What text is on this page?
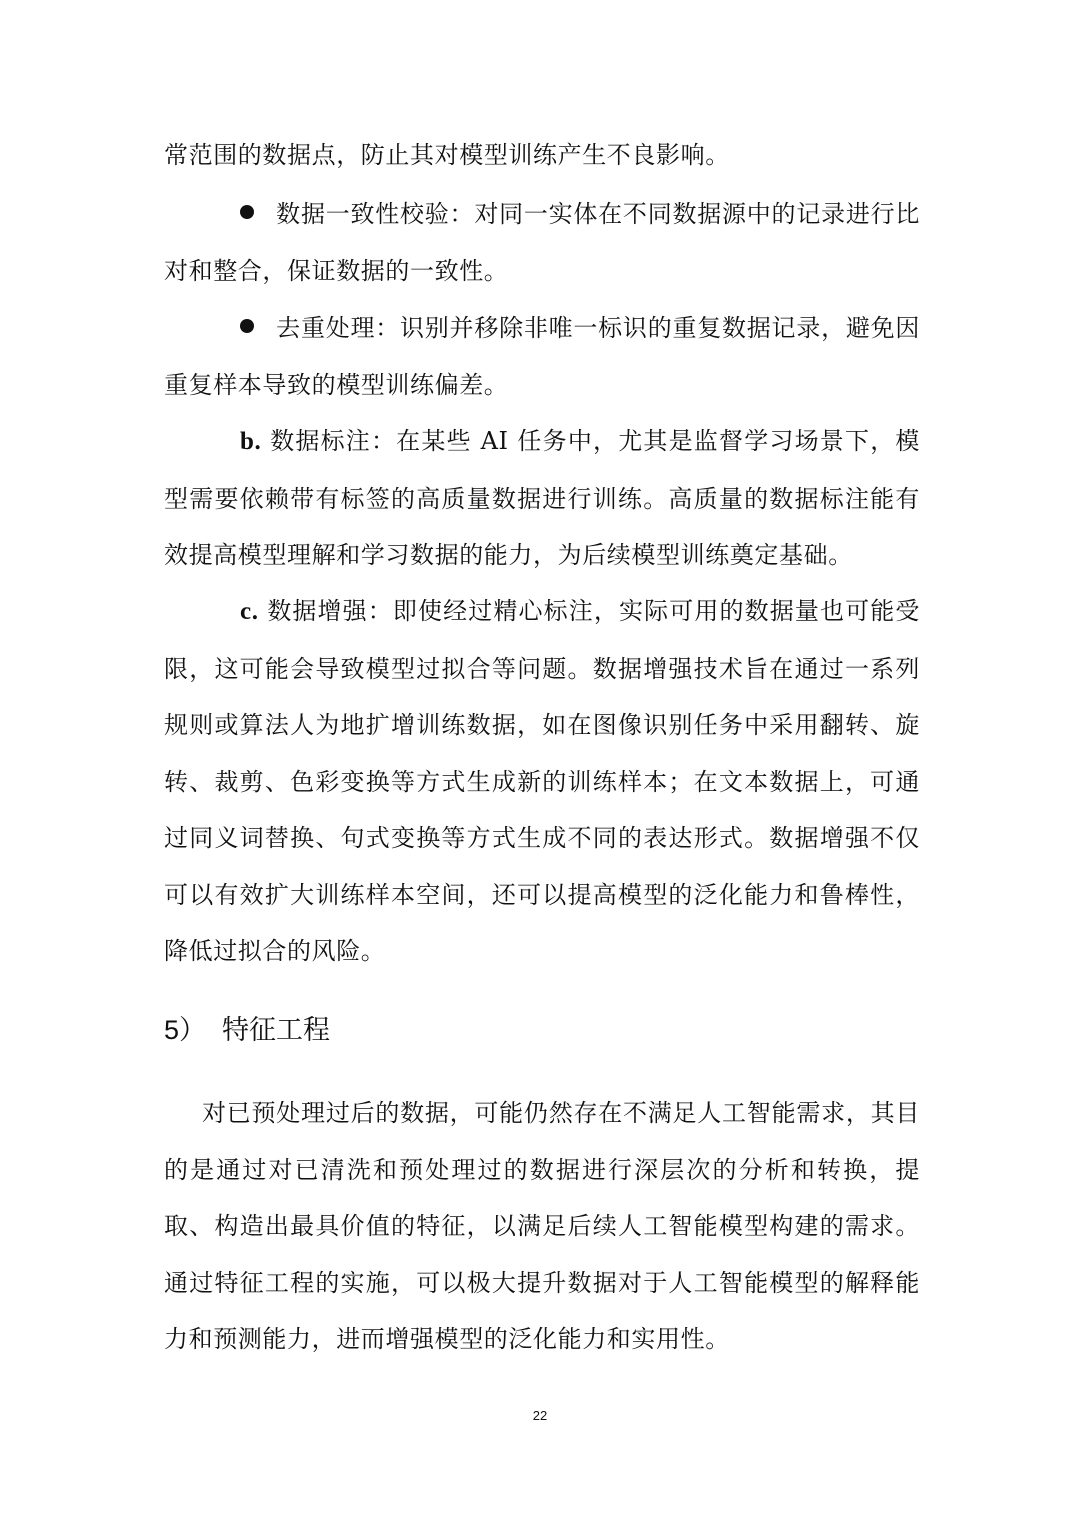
常范围的数据点，防止其对模型训练产生不良影响。

数据一致性校验：对同一实体在不同数据源中的记录进行比对和整合，保证数据的一致性。

去重处理：识别并移除非唯一标识的重复数据记录，避免因重复样本导致的模型训练偏差。

b. 数据标注：在某些 AI 任务中，尤其是监督学习场景下，模型需要依赖带有标签的高质量数据进行训练。高质量的数据标注能有效提高模型理解和学习数据的能力，为后续模型训练奠定基础。

c. 数据增强：即使经过精心标注，实际可用的数据量也可能受限，这可能会导致模型过拟合等问题。数据增强技术旨在通过一系列规则或算法人为地扩增训练数据，如在图像识别任务中采用翻转、旋转、裁剪、色彩变换等方式生成新的训练样本；在文本数据上，可通过同义词替换、句式变换等方式生成不同的表达形式。数据增强不仅可以有效扩大训练样本空间，还可以提高模型的泛化能力和鲁棒性，降低过拟合的风险。

5） 特征工程

对已预处理过后的数据，可能仍然存在不满足人工智能需求，其目的是通过对已清洗和预处理过的数据进行深层次的分析和转换，提取、构造出最具价值的特征，以满足后续人工智能模型构建的需求。通过特征工程的实施，可以极大提升数据对于人工智能模型的解释能力和预测能力，进而增强模型的泛化能力和实用性。

22
